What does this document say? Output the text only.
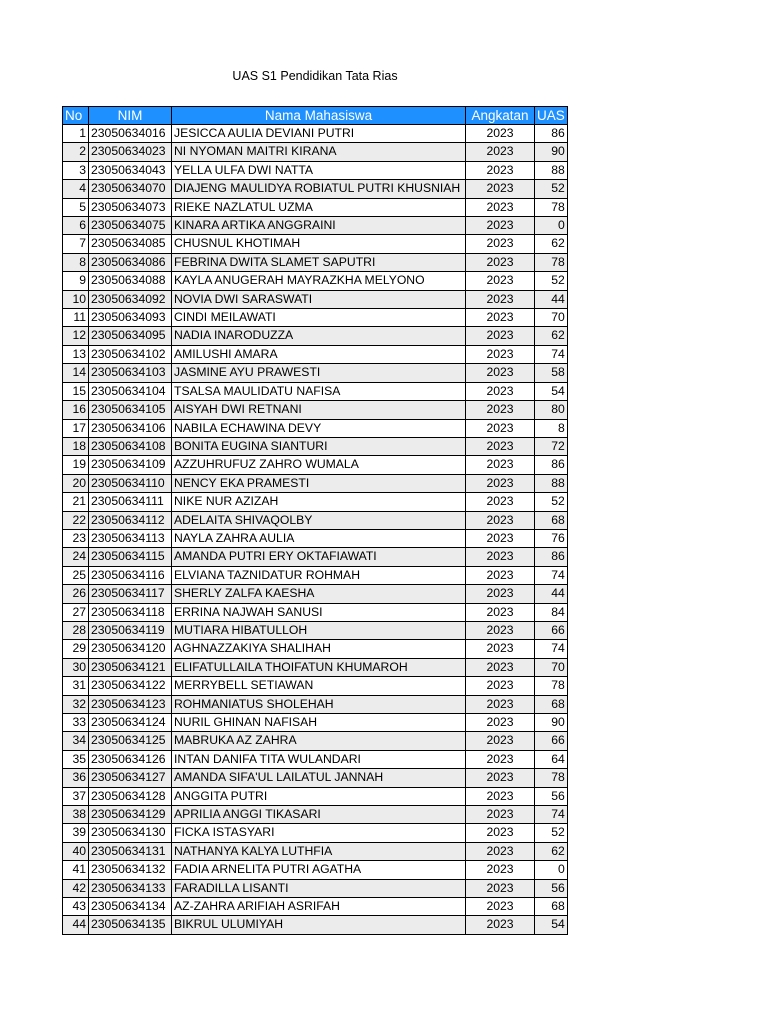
UAS S1 Pendidikan Tata Rias
No	NIM	Nama Mahasiswa	Angkatan	UAS
1	23050634016	JESICCA AULIA DEVIANI PUTRI	2023	86
2	23050634023	NI NYOMAN MAITRI KIRANA	2023	90
3	23050634043	YELLA ULFA DWI NATTA	2023	88
4	23050634070	DIAJENG MAULIDYA ROBIATUL PUTRI KHUSNIAH	2023	52
5	23050634073	RIEKE NAZLATUL UZMA	2023	78
6	23050634075	KINARA ARTIKA ANGGRAINI	2023	0
7	23050634085	CHUSNUL KHOTIMAH	2023	62
8	23050634086	FEBRINA DWITA SLAMET SAPUTRI	2023	78
9	23050634088	KAYLA ANUGERAH MAYRAZKHA MELYONO	2023	52
10	23050634092	NOVIA DWI SARASWATI	2023	44
11	23050634093	CINDI MEILAWATI	2023	70
12	23050634095	NADIA INARODUZZA	2023	62
13	23050634102	AMILUSHI AMARA	2023	74
14	23050634103	JASMINE AYU PRAWESTI	2023	58
15	23050634104	TSALSA MAULIDATU NAFISA	2023	54
16	23050634105	AISYAH DWI RETNANI	2023	80
17	23050634106	NABILA ECHAWINA DEVY	2023	8
18	23050634108	BONITA EUGINA SIANTURI	2023	72
19	23050634109	AZZUHRUFUZ ZAHRO WUMALA	2023	86
20	23050634110	NENCY EKA PRAMESTI	2023	88
21	23050634111	NIKE NUR AZIZAH	2023	52
22	23050634112	ADELAITA SHIVAQOLBY	2023	68
23	23050634113	NAYLA ZAHRA AULIA	2023	76
24	23050634115	AMANDA PUTRI ERY OKTAFIAWATI	2023	86
25	23050634116	ELVIANA TAZNIDATUR ROHMAH	2023	74
26	23050634117	SHERLY ZALFA KAESHA	2023	44
27	23050634118	ERRINA NAJWAH SANUSI	2023	84
28	23050634119	MUTIARA HIBATULLOH	2023	66
29	23050634120	AGHNAZZAKIYA SHALIHAH	2023	74
30	23050634121	ELIFATULLAILA THOIFATUN KHUMAROH	2023	70
31	23050634122	MERRYBELL SETIAWAN	2023	78
32	23050634123	ROHMANIATUS SHOLEHAH	2023	68
33	23050634124	NURIL GHINAN NAFISAH	2023	90
34	23050634125	MABRUKA AZ ZAHRA	2023	66
35	23050634126	INTAN DANIFA TITA WULANDARI	2023	64
36	23050634127	AMANDA SIFA'UL LAILATUL JANNAH	2023	78
37	23050634128	ANGGITA PUTRI	2023	56
38	23050634129	APRILIA ANGGI TIKASARI	2023	74
39	23050634130	FICKA ISTASYARI	2023	52
40	23050634131	NATHANYA KALYA LUTHFIA	2023	62
41	23050634132	FADIA ARNELITA PUTRI AGATHA	2023	0
42	23050634133	FARADILLA LISANTI	2023	56
43	23050634134	AZ-ZAHRA ARIFIAH ASRIFAH	2023	68
44	23050634135	BIKRUL ULUMIYAH	2023	54
